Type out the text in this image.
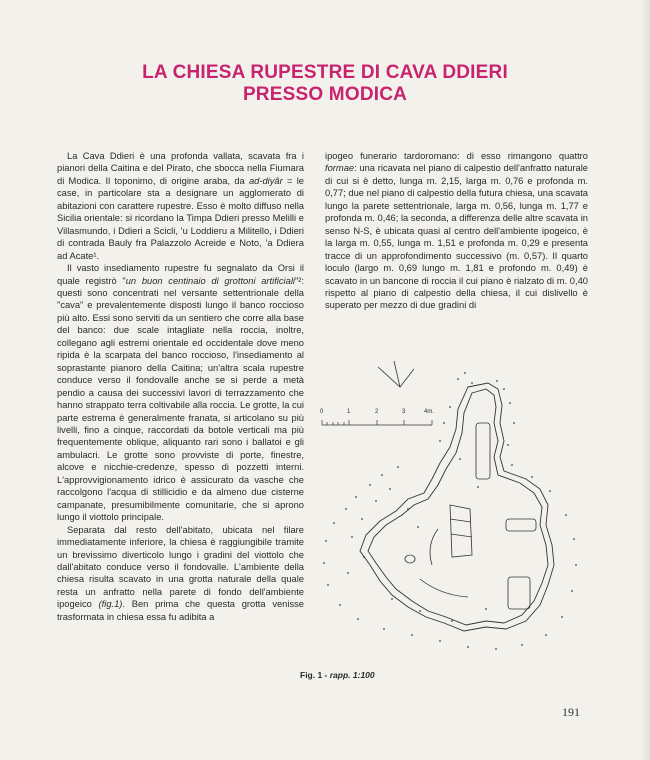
LA CHIESA RUPESTRE DI CAVA DDIERI
PRESSO MODICA

La Cava Ddieri è una profonda vallata, scavata fra i pianori della Caitina e del Pirato, che sbocca nella Fiumara di Modica. Il toponimo, di origine araba, da ad-diyâr = le case, in particolare sta a designare un agglomerato di abitazioni con carattere rupestre. Esso è molto diffuso nella Sicilia orientale: si ricordano la Timpa Ddieri presso Melilli e Villasmundo, i Ddieri a Scicli, 'u Loddieru a Militello, i Ddieri di contrada Bauly fra Palazzolo Acreide e Noto, 'a Ddiera ad Acate¹.

Il vasto insediamento rupestre fu segnalato da Orsi il quale registrò "un buon centinaio di grottoni artificiali"²: questi sono concentrati nel versante settentrionale della "cava" e prevalentemente disposti lungo il banco roccioso più alto. Essi sono serviti da un sentiero che corre alla base del banco: due scale intagliate nella roccia, inoltre, collegano agli estremi orientale ed occidentale dove meno ripida è la scarpata del banco roccioso, l'insediamento al soprastante pianoro della Caitina; un'altra scala rupestre conduce verso il fondovalle anche se si perde a metà pendio a causa dei successivi lavori di terrazzamento che hanno strappato terra coltivabile alla roccia. Le grotte, la cui parte estrema è generalmente franata, si articolano su più livelli, fino a cinque, raccordati da botole verticali ma più frequentemente oblique, aliquanto rari sono i ballatoi e gli ambulacri. Le grotte sono provviste di porte, finestre, alcove e nicchie-credenze, spesso di pozzetti interni. L'approvvigionamento idrico è assicurato da vasche che raccolgono l'acqua di stillicidio e da almeno due cisterne campanate, presumibilmente comunitarie, che si aprono lungo il viottolo principale.

Separata dal resto dell'abitato, ubicata nel filare immediatamente inferiore, la chiesa è raggiungibile tramite un brevissimo diverticolo lungo i gradini del viottolo che dall'abitato conduce verso il fondovalle. L'ambiente della chiesa risulta scavato in una grotta naturale della quale resta un anfratto nella parete di fondo dell'ambiente ipogeico (fig.1). Ben prima che questa grotta venisse trasformata in chiesa essa fu adibita a

ipogeo funerario tardoromano: di esso rimangono quattro formae: una ricavata nel piano di calpestio dell'anfratto naturale di cui si è detto, lunga m. 2,15, larga m. 0,76 e profonda m. 0,77; due nel piano di calpestio della futura chiesa, una scavata lungo la parete settentrionale, larga m. 0,56, lunga m. 1,77 e profonda m. 0,46; la seconda, a differenza delle altre scavata in senso N-S, è ubicata quasi al centro dell'ambiente ipogeico, è la larga m. 0,55, lunga m. 1,51 e profonda m. 0,29 e presenta tracce di un approfondimento successivo (m. 0,57). Il quarto loculo (largo m. 0,69 lungo m. 1,81 e profondo m. 0,49) è scavato in un bancone di roccia il cui piano è rialzato di m. 0,40 rispetto al piano di calpestio della chiesa, il cui dislivello è superato per mezzo di due gradini di

0	1	2	3	4m.
Fig. 1 - rapp. 1:100
191
